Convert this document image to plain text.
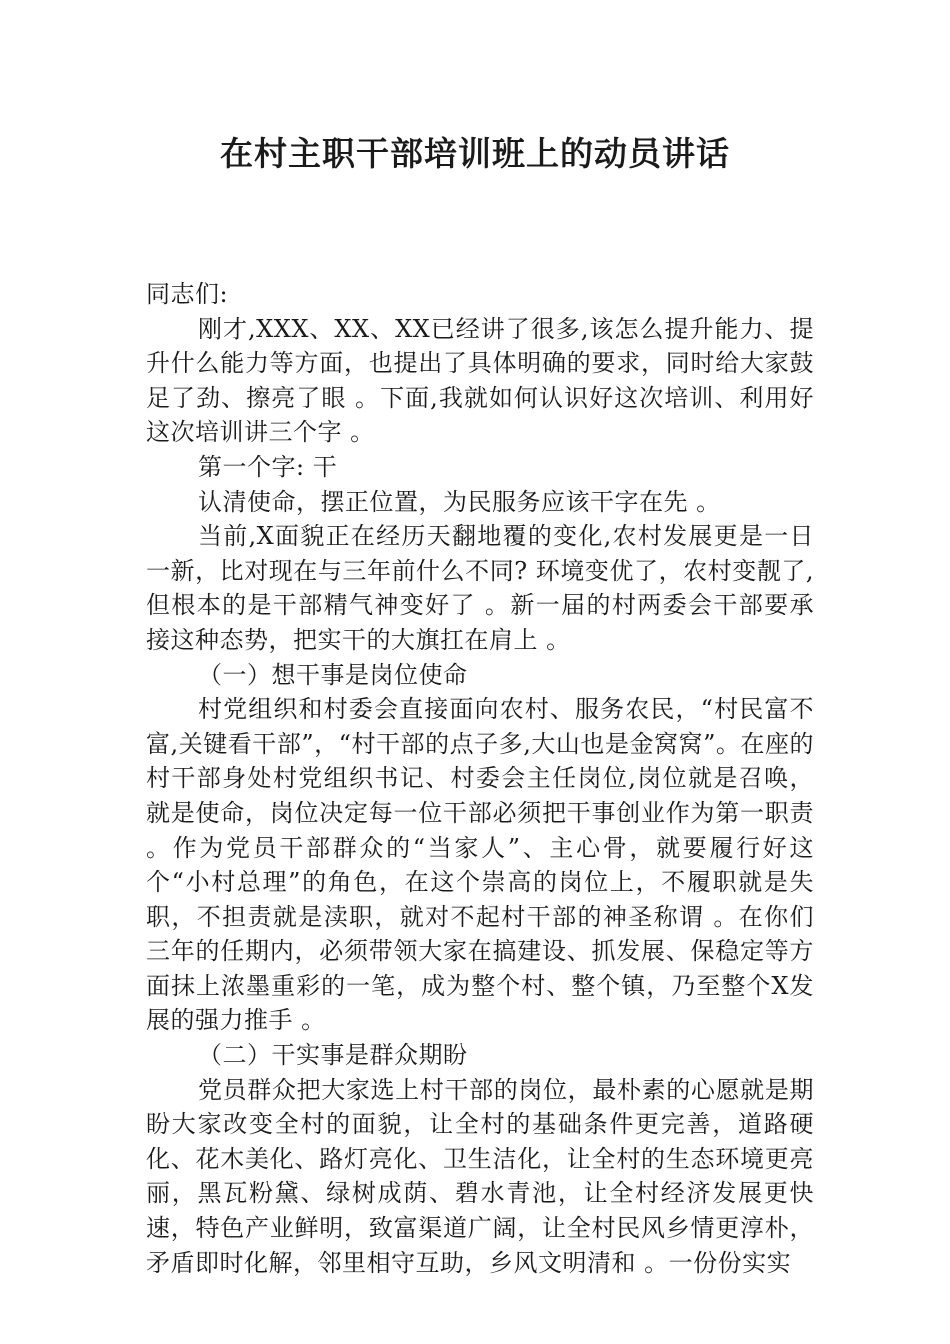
在村主职干部培训班上的动员讲话

同志们:

刚才,XXX、XX、XX已经讲了很多,该怎么提升能力、提升什么能力等方面，也提出了具体明确的要求，同时给大家鼓足了劲、擦亮了眼 。下面,我就如何认识好这次培训、利用好这次培训讲三个字 。

第一个字: 干

认清使命，摆正位置，为民服务应该干字在先 。

当前,X面貌正在经历天翻地覆的变化,农村发展更是一日一新，比对现在与三年前什么不同? 环境变优了，农村变靓了,但根本的是干部精气神变好了 。新一届的村两委会干部要承接这种态势，把实干的大旗扛在肩上 。

（一）想干事是岗位使命

村党组织和村委会直接面向农村、服务农民，“村民富不富,关键看干部”，“村干部的点子多,大山也是金窝窝”。在座的村干部身处村党组织书记、村委会主任岗位,岗位就是召唤，就是使命，岗位决定每一位干部必须把干事创业作为第一职责 。作为党员干部群众的“当家人”、主心骨，就要履行好这个“小村总理”的角色，在这个崇高的岗位上，不履职就是失职，不担责就是渎职，就对不起村干部的神圣称谓 。在你们三年的任期内，必须带领大家在搞建设、抓发展、保稳定等方面抹上浓墨重彩的一笔，成为整个村、整个镇，乃至整个X发展的强力推手 。

（二）干实事是群众期盼

党员群众把大家选上村干部的岗位，最朴素的心愿就是期盼大家改变全村的面貌，让全村的基础条件更完善，道路硬化、花木美化、路灯亮化、卫生洁化，让全村的生态环境更亮丽，黑瓦粉黛、绿树成荫、碧水青池，让全村经济发展更快速，特色产业鲜明，致富渠道广阔，让全村民风乡情更淳朴，矛盾即时化解，邻里相守互助，乡风文明清和 。一份份实实
